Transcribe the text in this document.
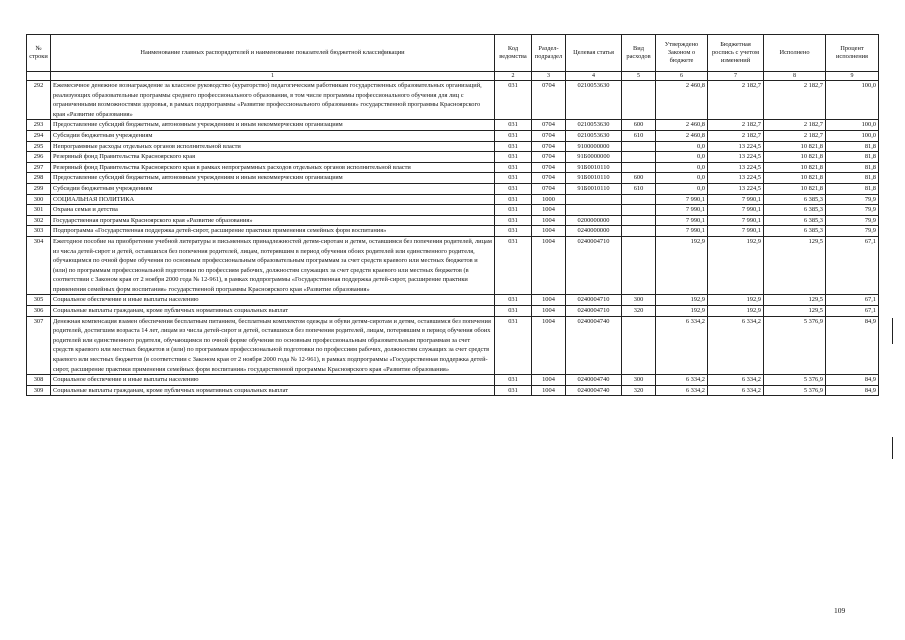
№ строки	Наименование главных распорядителей и наименование показателей бюджетной классификации	Код ведомства	Раздел-подраздел	Целевая статья	Вид расходов	Утверждено Законом о бюджете	Бюджетная роспись с учетом изменений	Исполнено	Процент исполнения
	1	2	3	4	5	6	7	8	9
292	Ежемесячное денежное вознаграждение за классное руководство (кураторство) педагогическим работникам государственных образовательных организаций, реализующих образовательные программы среднего профессионального образования, в том числе программы профессионального обучения для лиц с ограниченными возможностями здоровья, в рамках подпрограммы «Развитие профессионального образования» государственной программы Красноярского края «Развитие образования»	031	0704	0210053630		2 460,8	2 182,7	2 182,7	100,0
293	Предоставление субсидий бюджетным, автономным учреждениям и иным некоммерческим организациям	031	0704	0210053630	600	2 460,8	2 182,7	2 182,7	100,0
294	Субсидии бюджетным учреждениям	031	0704	0210053630	610	2 460,8	2 182,7	2 182,7	100,0
295	Непрограммные расходы отдельных органов исполнительной власти	031	0704	9100000000		0,0	13 224,5	10 821,8	81,8
296	Резервный фонд Правительства Красноярского края	031	0704	91Б0000000		0,0	13 224,5	10 821,8	81,8
297	Резервный фонд Правительства Красноярского края в рамках непрограммных расходов отдельных органов исполнительной власти	031	0704	91Б0010110		0,0	13 224,5	10 821,8	81,8
298	Предоставление субсидий бюджетным, автономным учреждениям и иным некоммерческим организациям	031	0704	91Б0010110	600	0,0	13 224,5	10 821,8	81,8
299	Субсидии бюджетным учреждениям	031	0704	91Б0010110	610	0,0	13 224,5	10 821,8	81,8
300	СОЦИАЛЬНАЯ ПОЛИТИКА	031	1000			7 990,1	7 990,1	6 385,3	79,9
301	Охрана семьи и детства	031	1004			7 990,1	7 990,1	6 385,3	79,9
302	Государственная программа Красноярского края «Развитие образования»	031	1004	0200000000		7 990,1	7 990,1	6 385,3	79,9
303	Подпрограмма «Государственная поддержка детей-сирот, расширение практики применения семейных форм воспитания»	031	1004	0240000000		7 990,1	7 990,1	6 385,3	79,9
304	Ежегодное пособие на приобретение учебной литературы и письменных принадлежностей детям-сиротам и детям, оставшимся без попечения родителей, лицам из числа детей-сирот и детей, оставшихся без попечения родителей, лицам, потерявшим в период обучения обоих родителей или единственного родителя, обучающимся по очной форме обучения по основным профессиональным образовательным программам за счет средств краевого или местных бюджетов и (или) по программам профессиональной подготовки по профессиям рабочих, должностям служащих за счет средств краевого или местных бюджетов (в соответствии с Законом края от 2 ноября 2000 года № 12-961), в рамках подпрограммы «Государственная поддержка детей-сирот, расширение практики применения семейных форм воспитания» государственной программы Красноярского края «Развитие образования»	031	1004	0240004710		192,9	192,9	129,5	67,1
305	Социальное обеспечение и иные выплаты населению	031	1004	0240004710	300	192,9	192,9	129,5	67,1
306	Социальные выплаты гражданам, кроме публичных нормативных социальных выплат	031	1004	0240004710	320	192,9	192,9	129,5	67,1
307	Денежная компенсация взамен обеспечения бесплатным питанием, бесплатным комплектом одежды и обуви детям-сиротам и детям, оставшимся без попечения родителей, достигшим возраста 14 лет, лицам из числа детей-сирот и детей, оставшихся без попечения родителей, лицам, потерявшим в период обучения обоих родителей или единственного родителя, обучающимся по очной форме обучения по основным профессиональным образовательным программам за счет средств краевого или местных бюджетов и (или) по программам профессиональной подготовки по профессиям рабочих, должностям служащих за счет средств краевого или местных бюджетов (в соответствии с Законом края от 2 ноября 2000 года № 12-961), в рамках подпрограммы «Государственная поддержка детей-сирот, расширение практики применения семейных форм воспитания» государственной программы Красноярского края «Развитие образования»	031	1004	0240004740		6 334,2	6 334,2	5 376,9	84,9
308	Социальное обеспечение и иные выплаты населению	031	1004	0240004740	300	6 334,2	6 334,2	5 376,9	84,9
309	Социальные выплаты гражданам, кроме публичных нормативных социальных выплат	031	1004	0240004740	320	6 334,2	6 334,2	5 376,9	84,9
109
